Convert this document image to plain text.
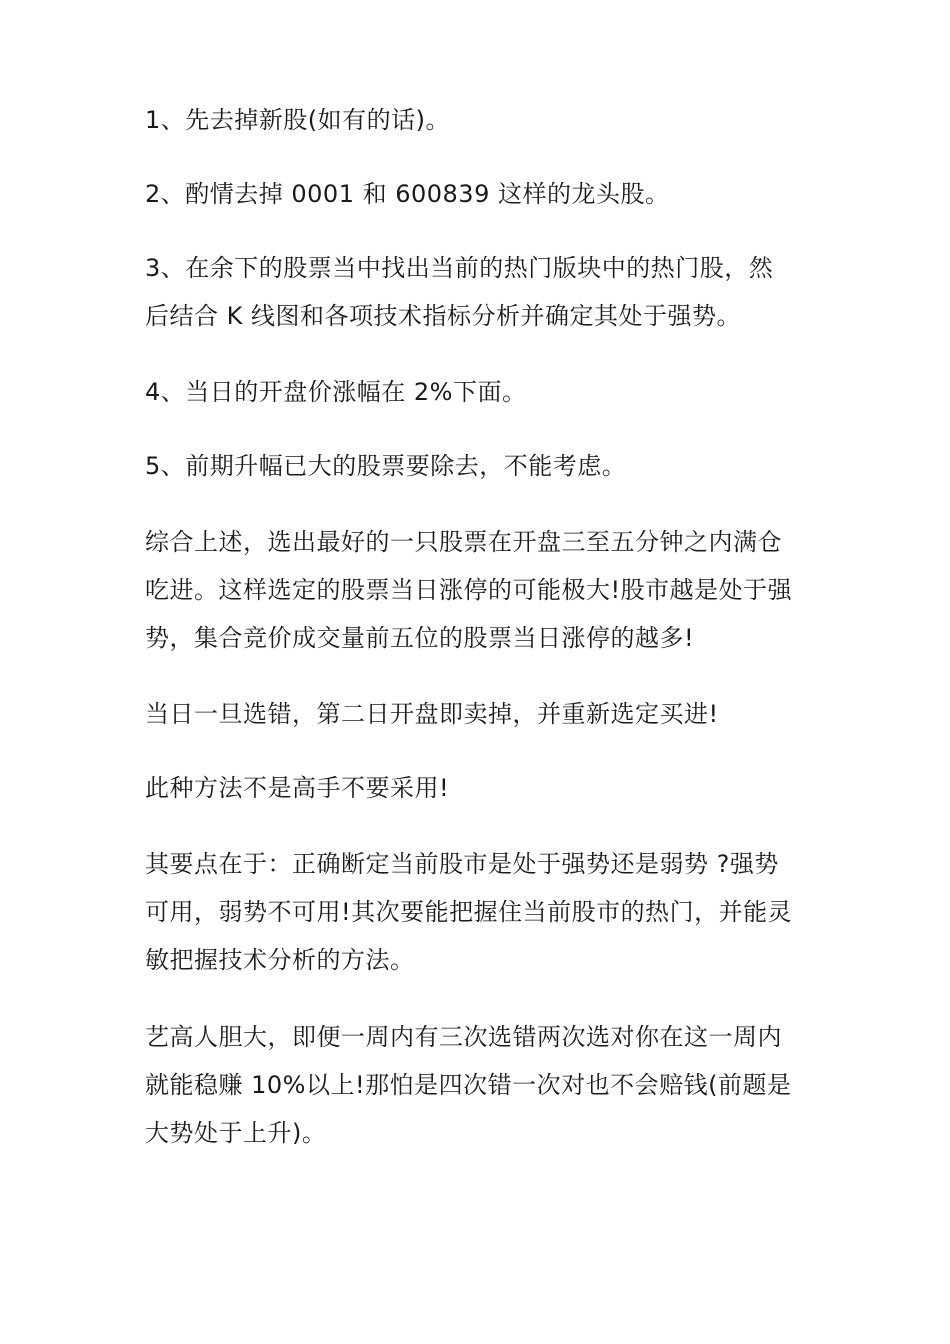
1、先去掉新股(如有的话)。

2、酌情去掉 0001 和 600839 这样的龙头股。

3、在余下的股票当中找出当前的热门版块中的热门股，然
后结合 K 线图和各项技术指标分析并确定其处于强势。

4、当日的开盘价涨幅在 2%下面。

5、前期升幅已大的股票要除去，不能考虑。

综合上述，选出最好的一只股票在开盘三至五分钟之内满仓
吃进。这样选定的股票当日涨停的可能极大!股市越是处于强
势，集合竞价成交量前五位的股票当日涨停的越多!

当日一旦选错，第二日开盘即卖掉，并重新选定买进!

此种方法不是高手不要采用!

其要点在于：正确断定当前股市是处于强势还是弱势 ?强势
可用，弱势不可用!其次要能把握住当前股市的热门，并能灵
敏把握技术分析的方法。

艺高人胆大，即便一周内有三次选错两次选对你在这一周内
就能稳赚 10%以上!那怕是四次错一次对也不会赔钱(前题是
大势处于上升)。
